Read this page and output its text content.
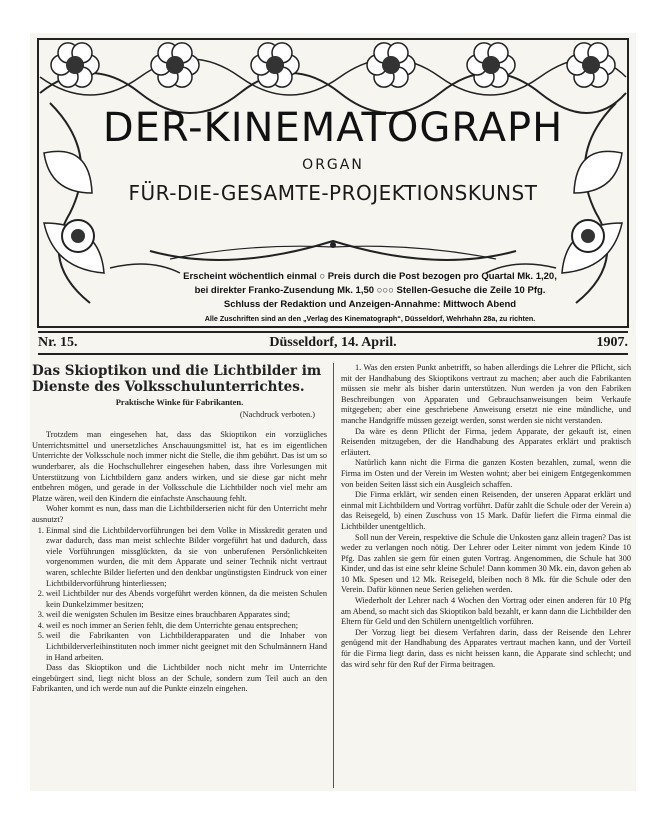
DER-KINEMATOGRAPH
ORGAN
FÜR-DIE-GESAMTE-PROJEKTIONSKUNST
Erscheint wöchentlich einmal ○ Preis durch die Post bezogen pro Quartal Mk. 1,20,
bei direkter Franko-Zusendung Mk. 1,50 ○○○ Stellen-Gesuche die Zeile 10 Pfg.
Schluss der Redaktion und Anzeigen-Annahme: Mittwoch Abend
Alle Zuschriften sind an den „Verlag des Kinematograph“, Düsseldorf, Wehrhahn 28a, zu richten.
Nr. 15.	Düsseldorf, 14. April.	1907.
Das Skioptikon und die Lichtbilder im Dienste des Volksschulunterrichtes.
Praktische Winke für Fabrikanten.
(Nachdruck verboten.)

Trotzdem man eingesehen hat, dass das Skioptikon ein vorzügliches Unterrichtsmittel und unersetzliches Anschauungsmittel ist, hat es im eigentlichen Unterrichte der Volksschule noch immer nicht die Stelle, die ihm gebührt. Das ist um so wunderbarer, als die Hochschullehrer eingesehen haben, dass ihre Vorlesungen mit Unterstützung von Lichtbildern ganz anders wirken, und sie diese gar nicht mehr entbehren mögen, und gerade in der Volksschule die Lichtbilder noch viel mehr am Platze wären, weil den Kindern die einfachste Anschauung fehlt.

Woher kommt es nun, dass man die Lichtbilderserien nicht für den Unterricht mehr ausnutzt?

1. Einmal sind die Lichtbildervorführungen bei dem Volke in Misskredit geraten und zwar dadurch, dass man meist schlechte Bilder vorgeführt hat und dadurch, dass viele Vorführungen missglückten, da sie von unberufenen Persönlichkeiten vorgenommen wurden, die mit dem Apparate und seiner Technik nicht vertraut waren, schlechte Bilder lieferten und den denkbar ungünstigsten Eindruck von einer Lichtbildervorführung hinterliessen;
2. weil Lichtbilder nur des Abends vorgeführt werden können, da die meisten Schulen kein Dunkelzimmer besitzen;
3. weil die wenigsten Schulen im Besitze eines brauchbaren Apparates sind;
4. weil es noch immer an Serien fehlt, die dem Unterrichte genau entsprechen;
5. weil die Fabrikanten von Lichtbilderapparaten und die Inhaber von Lichtbilderverleihinstituten noch immer nicht geeignet mit den Schulmännern Hand in Hand arbeiten.

Dass das Skioptikon und die Lichtbilder noch nicht mehr im Unterrichte eingebürgert sind, liegt nicht bloss an der Schule, sondern zum Teil auch an den Fabrikanten, und ich werde nun auf die Punkte einzeln eingehen.

1. Was den ersten Punkt anbetrifft, so haben allerdings die Lehrer die Pflicht, sich mit der Handhabung des Skioptikons vertraut zu machen; aber auch die Fabrikanten müssen sie mehr als bisher darin unterstützen. Nun werden ja von den Fabriken Beschreibungen von Apparaten und Gebrauchsanweisungen beim Verkaufe mitgegeben; aber eine geschriebene Anweisung ersetzt nie eine mündliche, und manche Handgriffe müssen gezeigt werden, sonst werden sie nicht verstanden.

Da wäre es denn Pflicht der Firma, jedem Apparate, der gekauft ist, einen Reisenden mitzugeben, der die Handhabung des Apparates erklärt und praktisch erläutert.

Natürlich kann nicht die Firma die ganzen Kosten bezahlen, zumal, wenn die Firma im Osten und der Verein im Westen wohnt; aber bei einigem Entgegenkommen von beiden Seiten lässt sich ein Ausgleich schaffen.

Die Firma erklärt, wir senden einen Reisenden, der unseren Apparat erklärt und einmal mit Lichtbildern und Vortrag vorführt. Dafür zahlt die Schule oder der Verein a) das Reisegeld, b) einen Zuschuss von 15 Mark. Dafür liefert die Firma einmal die Lichtbilder unentgeltlich.

Soll nun der Verein, respektive die Schule die Unkosten ganz allein tragen? Das ist weder zu verlangen noch nötig. Der Lehrer oder Leiter nimmt von jedem Kinde 10 Pfg. Das zahlen sie gern für einen guten Vortrag. Angenommen, die Schule hat 300 Kinder, und das ist eine sehr kleine Schule! Dann kommen 30 Mk. ein, davon gehen ab 10 Mk. Spesen und 12 Mk. Reisegeld, bleiben noch 8 Mk. für die Schule oder den Verein. Dafür können neue Serien geliehen werden.

Wiederholt der Lehrer nach 4 Wochen den Vortrag oder einen anderen für 10 Pfg am Abend, so macht sich das Skioptikon bald bezahlt, er kann dann die Lichtbilder den Eltern für Geld und den Schülern unentgeltlich vorführen.

Der Vorzug liegt bei diesem Verfahren darin, dass der Reisende den Lehrer genügend mit der Handhabung des Apparates vertraut machen kann, und der Vorteil für die Firma liegt darin, dass es nicht heissen kann, die Apparate sind schlecht; und das wird sehr für den Ruf der Firma beitragen.
